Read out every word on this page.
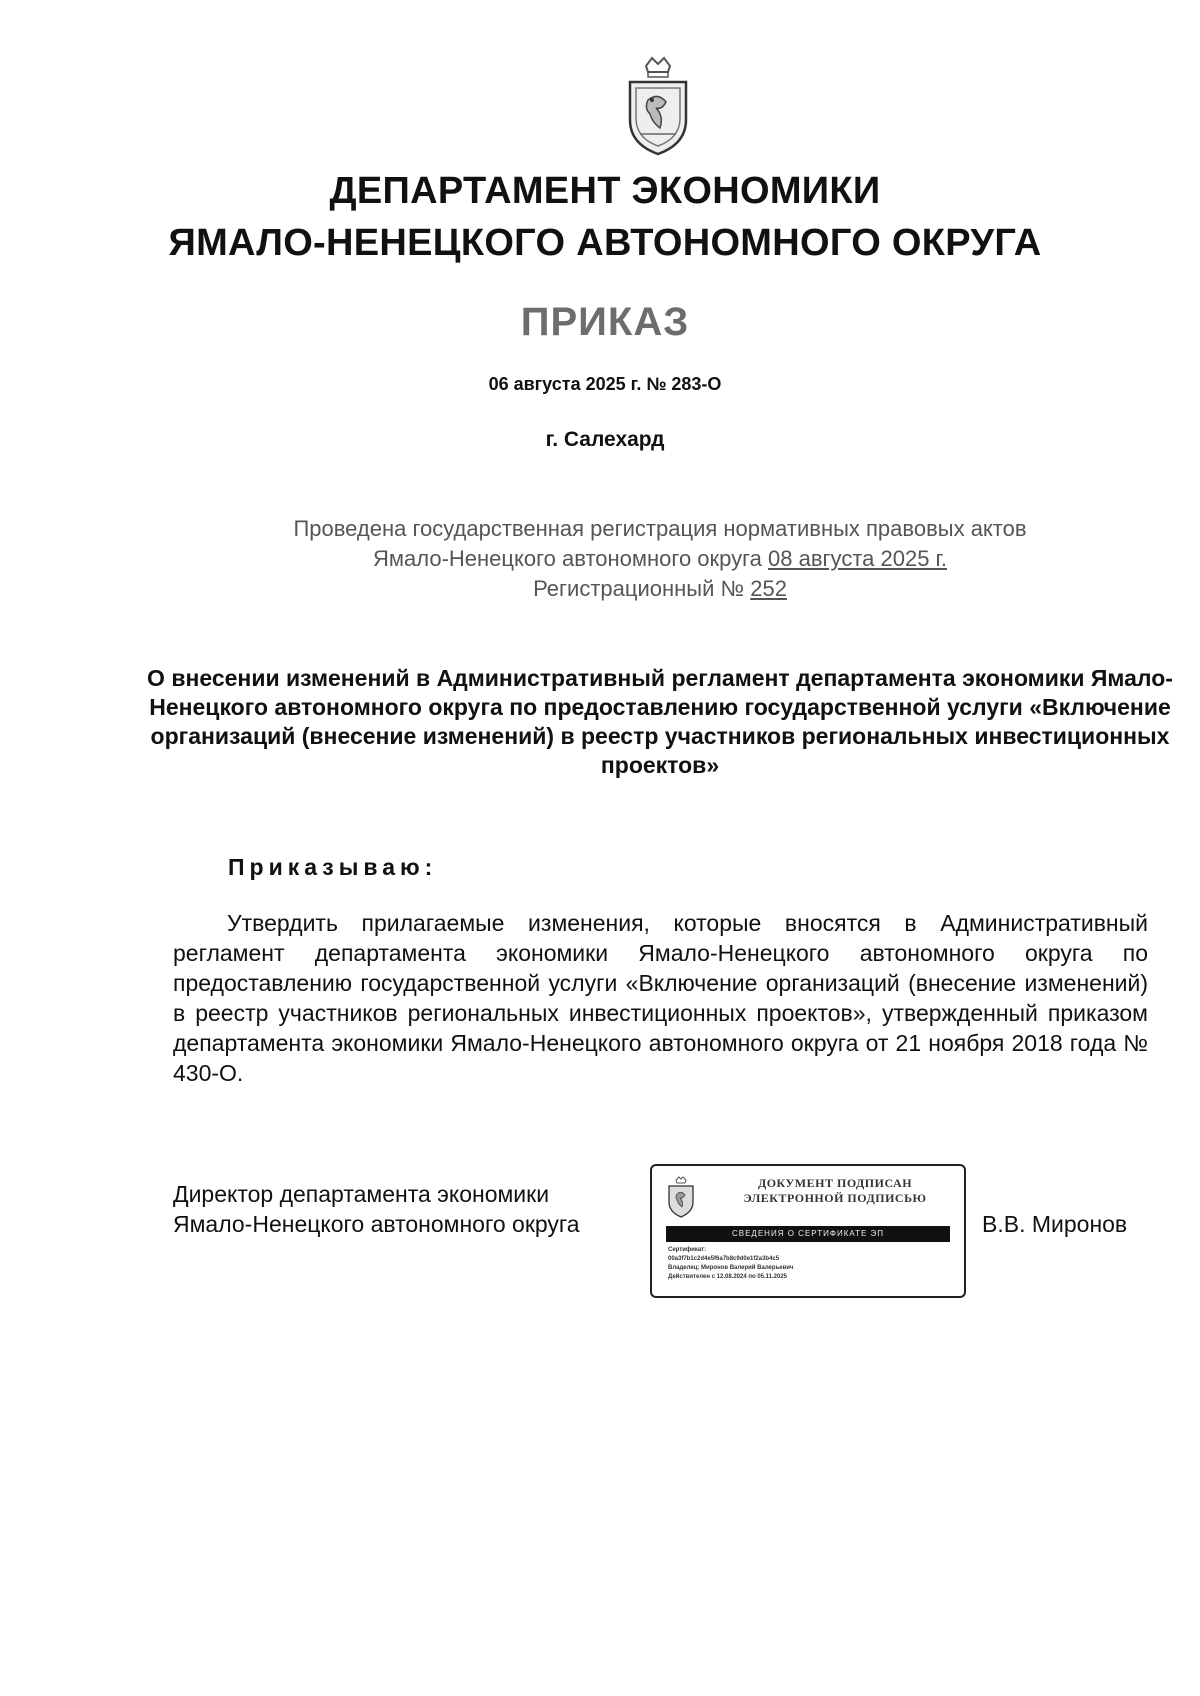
ДЕПАРТАМЕНТ ЭКОНОМИКИ
ЯМАЛО-НЕНЕЦКОГО АВТОНОМНОГО ОКРУГА
ПРИКАЗ
06 августа 2025 г. № 283-О
г. Салехард
Проведена государственная регистрация нормативных правовых актов
Ямало-Ненецкого автономного округа 08 августа 2025 г.
Регистрационный № 252
О внесении изменений в Административный регламент департамента экономики Ямало-Ненецкого автономного округа по предоставлению государственной услуги «Включение организаций (внесение изменений) в реестр участников региональных инвестиционных проектов»
Приказываю:
Утвердить прилагаемые изменения, которые вносятся в Административный регламент департамента экономики Ямало-Ненецкого автономного округа по предоставлению государственной услуги «Включение организаций (внесение изменений) в реестр участников региональных инвестиционных проектов», утвержденный приказом департамента экономики Ямало-Ненецкого автономного округа от 21 ноября 2018 года № 430-О.
Директор департамента экономики
Ямало-Ненецкого автономного округа
ДОКУМЕНТ ПОДПИСАН
ЭЛЕКТРОННОЙ ПОДПИСЬЮ
СВЕДЕНИЯ О СЕРТИФИКАТЕ ЭП
Сертификат:
00a3f7b1c2d4e5f6a7b8c9d0e1f2a3b4c5
Владелец: Миронов Валерий Валерьевич
Действителен с 12.08.2024 по 05.11.2025
В.В. Миронов
